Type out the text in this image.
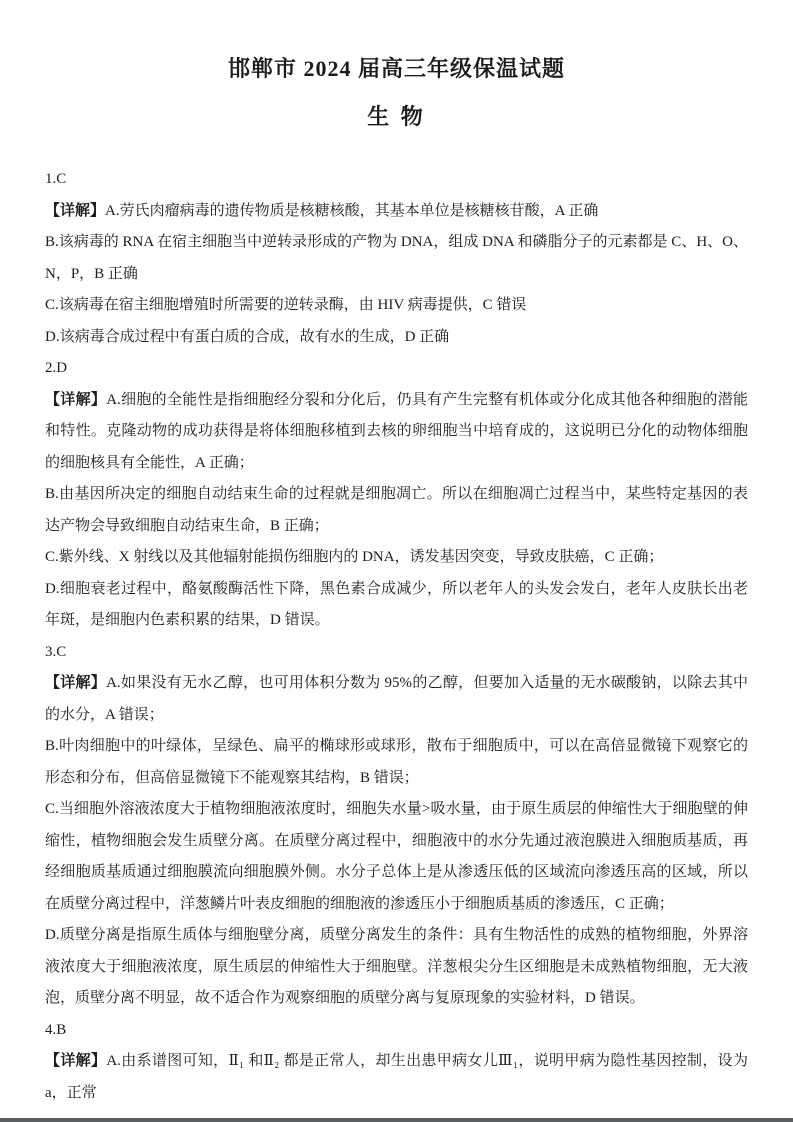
邯郸市 2024 届高三年级保温试题
生 物

1.C

【详解】A.劳氏肉瘤病毒的遗传物质是核糖核酸，其基本单位是核糖核苷酸，A 正确

B.该病毒的 RNA 在宿主细胞当中逆转录形成的产物为 DNA，组成 DNA 和磷脂分子的元素都是 C、H、O、N，P，B 正确

C.该病毒在宿主细胞增殖时所需要的逆转录酶，由 HIV 病毒提供，C 错误

D.该病毒合成过程中有蛋白质的合成，故有水的生成，D 正确

2.D

【详解】A.细胞的全能性是指细胞经分裂和分化后，仍具有产生完整有机体或分化成其他各种细胞的潜能和特性。克隆动物的成功获得是将体细胞移植到去核的卵细胞当中培育成的，这说明已分化的动物体细胞的细胞核具有全能性，A 正确；

B.由基因所决定的细胞自动结束生命的过程就是细胞凋亡。所以在细胞凋亡过程当中，某些特定基因的表达产物会导致细胞自动结束生命，B 正确；

C.紫外线、X 射线以及其他辐射能损伤细胞内的 DNA，诱发基因突变，导致皮肤癌，C 正确；

D.细胞衰老过程中，酪氨酸酶活性下降，黑色素合成减少，所以老年人的头发会发白，老年人皮肤长出老年斑，是细胞内色素积累的结果，D 错误。

3.C

【详解】A.如果没有无水乙醇，也可用体积分数为 95%的乙醇，但要加入适量的无水碳酸钠，以除去其中的水分，A 错误；

B.叶肉细胞中的叶绿体，呈绿色、扁平的椭球形或球形，散布于细胞质中，可以在高倍显微镜下观察它的形态和分布，但高倍显微镜下不能观察其结构，B 错误；

C.当细胞外溶液浓度大于植物细胞液浓度时，细胞失水量>吸水量，由于原生质层的伸缩性大于细胞壁的伸缩性，植物细胞会发生质壁分离。在质壁分离过程中，细胞液中的水分先通过液泡膜进入细胞质基质，再经细胞质基质通过细胞膜流向细胞膜外侧。水分子总体上是从渗透压低的区域流向渗透压高的区域，所以在质壁分离过程中，洋葱鳞片叶表皮细胞的细胞液的渗透压小于细胞质基质的渗透压，C 正确；

D.质壁分离是指原生质体与细胞壁分离，质壁分离发生的条件：具有生物活性的成熟的植物细胞，外界溶液浓度大于细胞液浓度，原生质层的伸缩性大于细胞壁。洋葱根尖分生区细胞是未成熟植物细胞，无大液泡，质壁分离不明显，故不适合作为观察细胞的质壁分离与复原现象的实验材料，D 错误。

4.B

【详解】A.由系谱图可知，Ⅱ₁ 和Ⅱ₂ 都是正常人，却生出患甲病女儿Ⅲ₁，说明甲病为隐性基因控制，设为 a，正常
